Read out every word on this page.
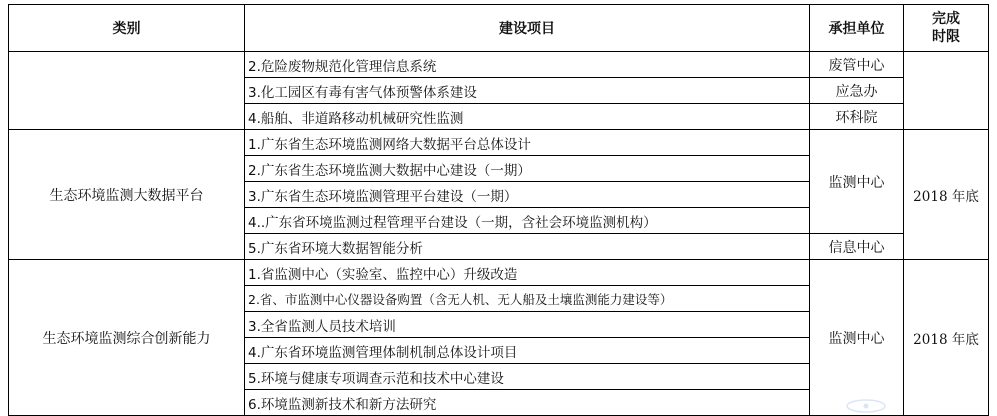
类别	建设项目	承担单位	完成
时限
	2.危险废物规范化管理信息系统	废管中心	
	3.化工园区有毒有害气体预警体系建设	应急办	
	4.船舶、非道路移动机械研究性监测	环科院	
生态环境监测大数据平台	1.广东省生态环境监测网络大数据平台总体设计	监测中心	2018 年底
	2.广东省生态环境监测大数据中心建设（一期）		
	3.广东省生态环境监测管理平台建设（一期）		
	4..广东省环境监测过程管理平台建设（一期，含社会环境监测机构）		
	5.广东省环境大数据智能分析	信息中心	
生态环境监测综合创新能力	1.省监测中心（实验室、监控中心）升级改造	监测中心	2018 年底
	2.省、市监测中心仪器设备购置（含无人机、无人船及土壤监测能力建设等）		
	3.全省监测人员技术培训		
	4.广东省环境监测管理体制机制总体设计项目		
	5.环境与健康专项调查示范和技术中心建设		
	6.环境监测新技术和新方法研究		
